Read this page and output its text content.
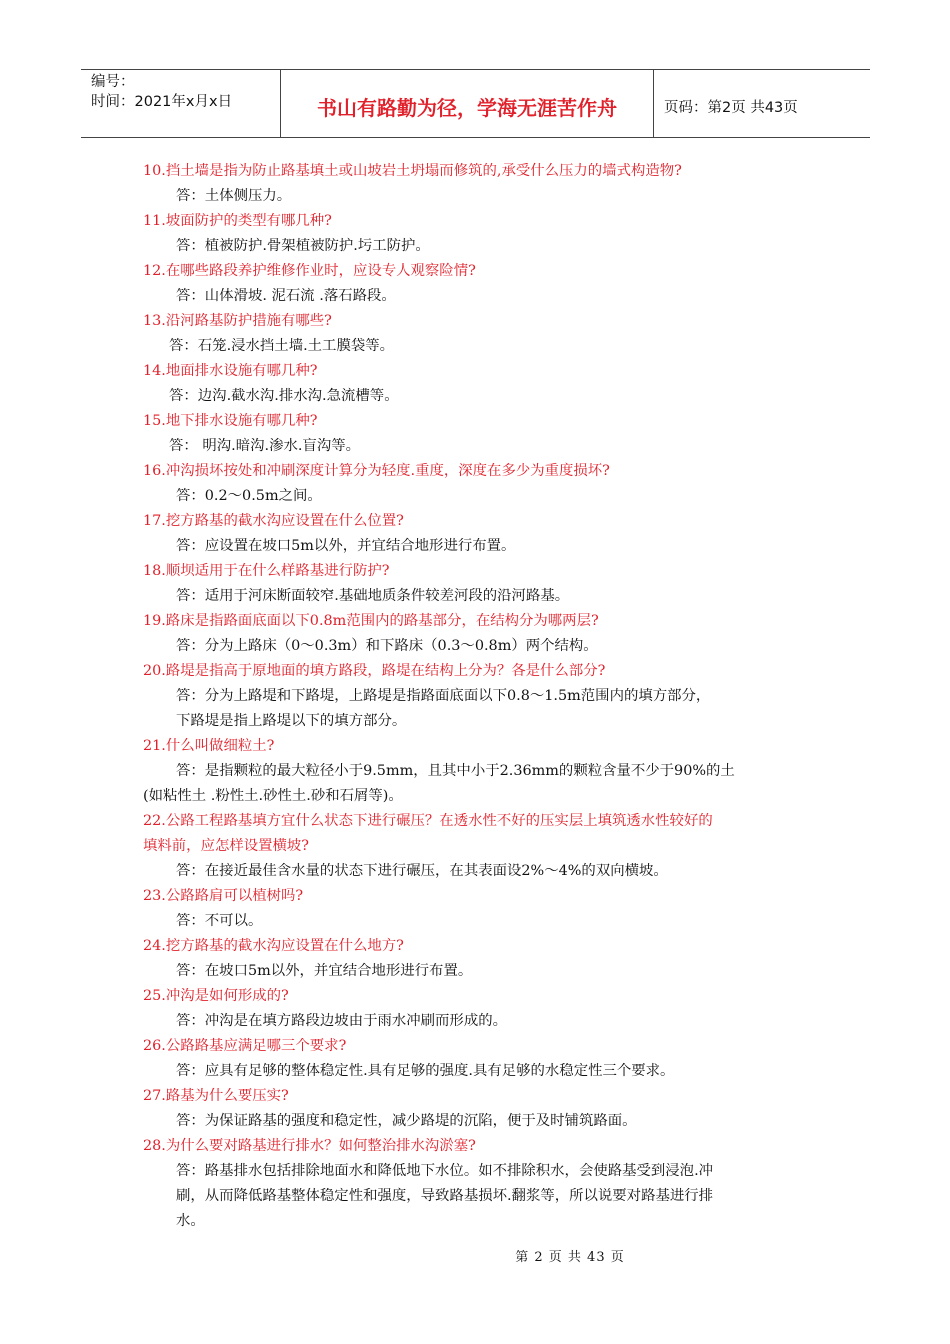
编号：
时间：2021年x月x日	书山有路勤为径，学海无涯苦作舟	页码：第2页 共43页
10.挡土墙是指为防止路基填土或山坡岩土坍塌而修筑的,承受什么压力的墙式构造物?
答：土体侧压力。
11.坡面防护的类型有哪几种?
答：植被防护.骨架植被防护.圬工防护。
12.在哪些路段养护维修作业时，应设专人观察险情?
答：山体滑坡. 泥石流 .落石路段。
13.沿河路基防护措施有哪些?
答：石笼.浸水挡土墙.土工膜袋等。
14.地面排水设施有哪几种?
答：边沟.截水沟.排水沟.急流槽等。
15.地下排水设施有哪几种?
答： 明沟.暗沟.渗水.盲沟等。
16.冲沟损坏按处和冲刷深度计算分为轻度.重度，深度在多少为重度损坏?
答：0.2～0.5m之间。
17.挖方路基的截水沟应设置在什么位置?
答：应设置在坡口5m以外，并宜结合地形进行布置。
18.顺坝适用于在什么样路基进行防护?
答：适用于河床断面较窄.基础地质条件较差河段的沿河路基。
19.路床是指路面底面以下0.8m范围内的路基部分，在结构分为哪两层?
答：分为上路床（0～0.3m）和下路床（0.3～0.8m）两个结构。
20.路堤是指高于原地面的填方路段，路堤在结构上分为？各是什么部分?
答：分为上路堤和下路堤，上路堤是指路面底面以下0.8～1.5m范围内的填方部分，
下路堤是指上路堤以下的填方部分。
21.什么叫做细粒土?
答：是指颗粒的最大粒径小于9.5mm，且其中小于2.36mm的颗粒含量不少于90%的土
(如粘性土 .粉性土.砂性土.砂和石屑等)。
22.公路工程路基填方宜什么状态下进行碾压？在透水性不好的压实层上填筑透水性较好的
填料前，应怎样设置横坡?
答：在接近最佳含水量的状态下进行碾压，在其表面设2%～4%的双向横坡。
23.公路路肩可以植树吗?
答：不可以。
24.挖方路基的截水沟应设置在什么地方?
答：在坡口5m以外，并宜结合地形进行布置。
25.冲沟是如何形成的?
答：冲沟是在填方路段边坡由于雨水冲刷而形成的。
26.公路路基应满足哪三个要求?
答：应具有足够的整体稳定性.具有足够的强度.具有足够的水稳定性三个要求。
27.路基为什么要压实?
答：为保证路基的强度和稳定性，减少路堤的沉陷，便于及时铺筑路面。
28.为什么要对路基进行排水？如何整治排水沟淤塞?
答：路基排水包括排除地面水和降低地下水位。如不排除积水，会使路基受到浸泡.冲
刷，从而降低路基整体稳定性和强度，导致路基损坏.翻浆等，所以说要对路基进行排
水。
第 2 页 共 43 页
